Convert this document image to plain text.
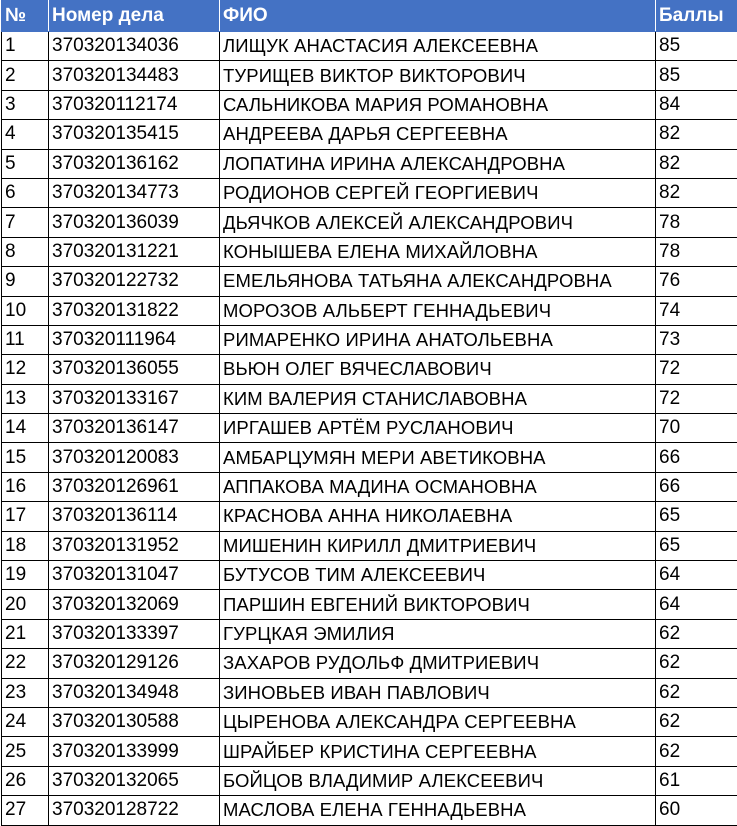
№	Номер дела	ФИО	Баллы
1	370320134036	ЛИЩУК АНАСТАСИЯ АЛЕКСЕЕВНА	85
2	370320134483	ТУРИЩЕВ ВИКТОР ВИКТОРОВИЧ	85
3	370320112174	САЛЬНИКОВА МАРИЯ РОМАНОВНА	84
4	370320135415	АНДРЕЕВА ДАРЬЯ СЕРГЕЕВНА	82
5	370320136162	ЛОПАТИНА ИРИНА АЛЕКСАНДРОВНА	82
6	370320134773	РОДИОНОВ СЕРГЕЙ ГЕОРГИЕВИЧ	82
7	370320136039	ДЬЯЧКОВ АЛЕКСЕЙ АЛЕКСАНДРОВИЧ	78
8	370320131221	КОНЫШЕВА ЕЛЕНА МИХАЙЛОВНА	78
9	370320122732	ЕМЕЛЬЯНОВА ТАТЬЯНА АЛЕКСАНДРОВНА	76
10	370320131822	МОРОЗОВ АЛЬБЕРТ ГЕННАДЬЕВИЧ	74
11	370320111964	РИМАРЕНКО ИРИНА АНАТОЛЬЕВНА	73
12	370320136055	ВЬЮН ОЛЕГ ВЯЧЕСЛАВОВИЧ	72
13	370320133167	КИМ ВАЛЕРИЯ СТАНИСЛАВОВНА	72
14	370320136147	ИРГАШЕВ АРТЁМ РУСЛАНОВИЧ	70
15	370320120083	АМБАРЦУМЯН МЕРИ АВЕТИКОВНА	66
16	370320126961	АППАКОВА МАДИНА ОСМАНОВНА	66
17	370320136114	КРАСНОВА АННА НИКОЛАЕВНА	65
18	370320131952	МИШЕНИН КИРИЛЛ ДМИТРИЕВИЧ	65
19	370320131047	БУТУСОВ ТИМ АЛЕКСЕЕВИЧ	64
20	370320132069	ПАРШИН ЕВГЕНИЙ ВИКТОРОВИЧ	64
21	370320133397	ГУРЦКАЯ ЭМИЛИЯ	62
22	370320129126	ЗАХАРОВ РУДОЛЬФ ДМИТРИЕВИЧ	62
23	370320134948	ЗИНОВЬЕВ ИВАН ПАВЛОВИЧ	62
24	370320130588	ЦЫРЕНОВА АЛЕКСАНДРА СЕРГЕЕВНА	62
25	370320133999	ШРАЙБЕР КРИСТИНА СЕРГЕЕВНА	62
26	370320132065	БОЙЦОВ ВЛАДИМИР АЛЕКСЕЕВИЧ	61
27	370320128722	МАСЛОВА ЕЛЕНА ГЕННАДЬЕВНА	60
